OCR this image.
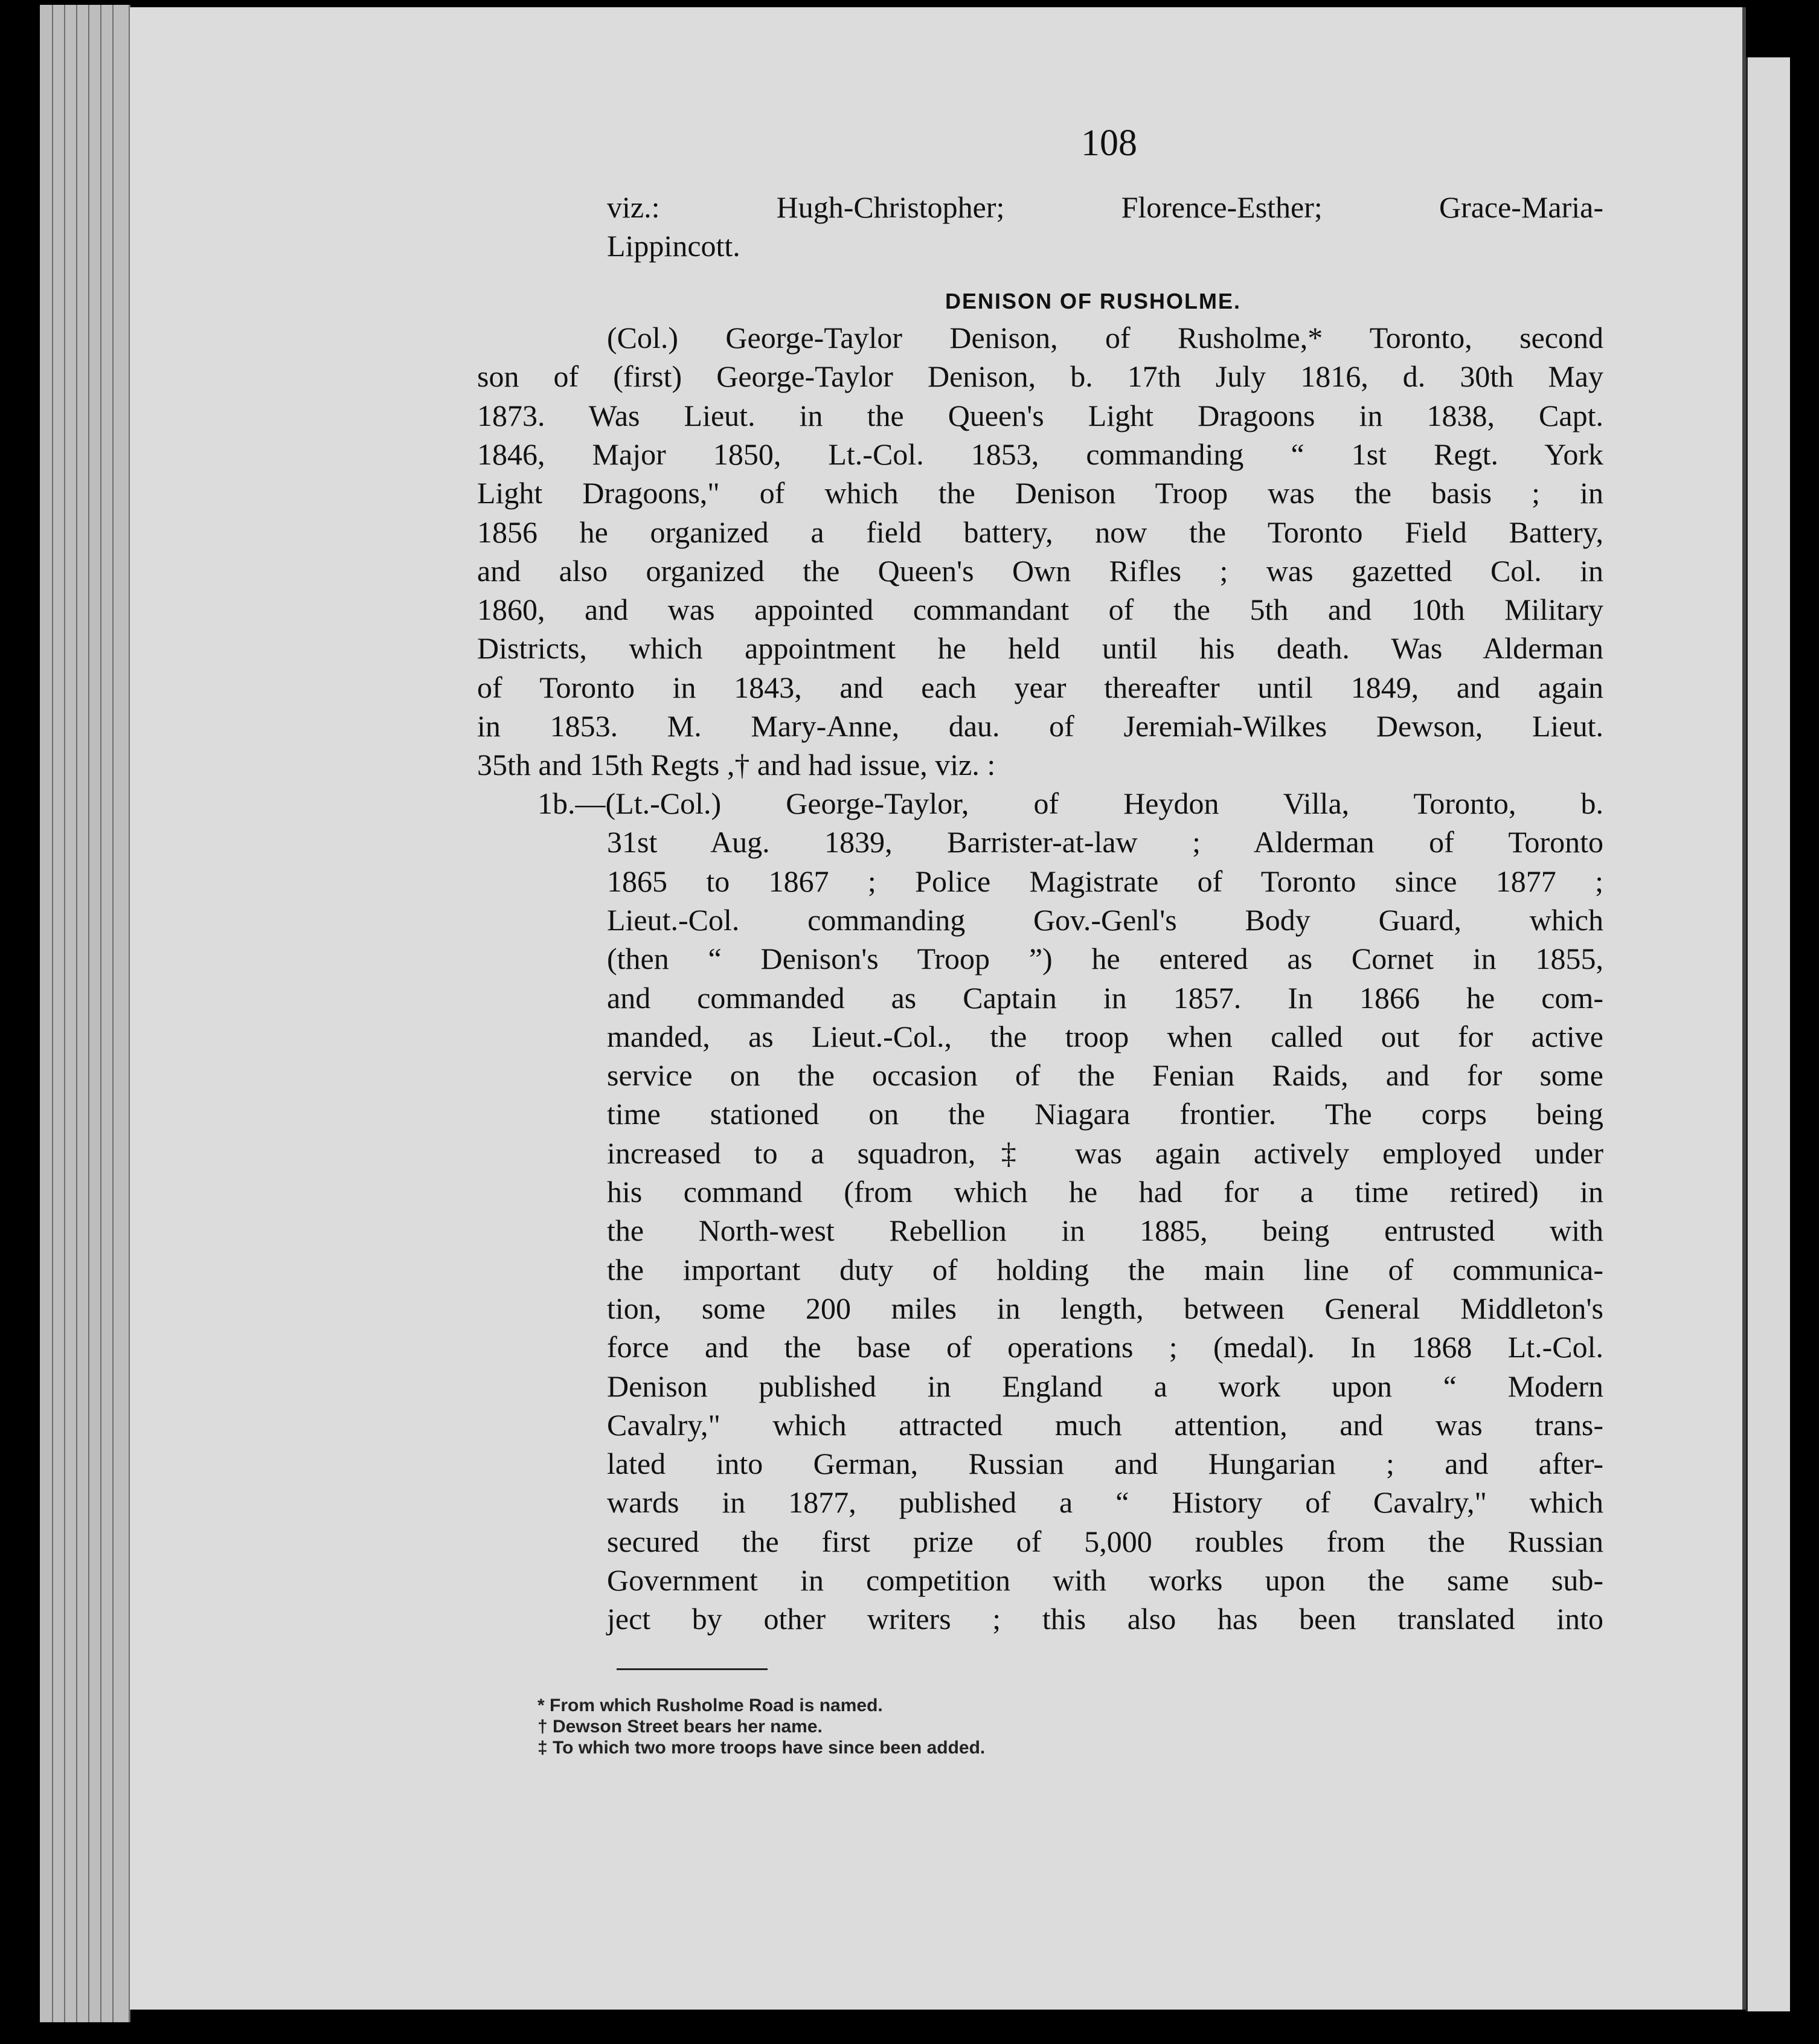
108
viz.: Hugh-Christopher; Florence-Esther; Grace-Maria-
Lippincott.
DENISON OF RUSHOLME.
(Col.) George-Taylor Denison, of Rusholme,* Toronto, second
son of (first) George-Taylor Denison, b. 17th July 1816, d. 30th May
1873. Was Lieut. in the Queen's Light Dragoons in 1838, Capt.
1846, Major 1850, Lt.-Col. 1853, commanding “ 1st Regt. York
Light Dragoons," of which the Denison Troop was the basis ; in
1856 he organized a field battery, now the Toronto Field Battery,
and also organized the Queen's Own Rifles ; was gazetted Col. in
1860, and was appointed commandant of the 5th and 10th Military
Districts, which appointment he held until his death. Was Alderman
of Toronto in 1843, and each year thereafter until 1849, and again
in 1853. M. Mary-Anne, dau. of Jeremiah-Wilkes Dewson, Lieut.
35th and 15th Regts ,† and had issue, viz. :
1b.—(Lt.-Col.) George-Taylor, of Heydon Villa, Toronto, b.
31st Aug. 1839, Barrister-at-law ; Alderman of Toronto
1865 to 1867 ; Police Magistrate of Toronto since 1877 ;
Lieut.-Col. commanding Gov.-Genl's Body Guard, which
(then “ Denison's Troop ”) he entered as Cornet in 1855,
and commanded as Captain in 1857. In 1866 he com-
manded, as Lieut.-Col., the troop when called out for active
service on the occasion of the Fenian Raids, and for some
time stationed on the Niagara frontier. The corps being
increased to a squadron,‡ was again actively employed under
his command (from which he had for a time retired) in
the North-west Rebellion in 1885, being entrusted with
the important duty of holding the main line of communica-
tion, some 200 miles in length, between General Middleton's
force and the base of operations ; (medal). In 1868 Lt.-Col.
Denison published in England a work upon “ Modern
Cavalry," which attracted much attention, and was trans-
lated into German, Russian and Hungarian ; and after-
wards in 1877, published a “ History of Cavalry," which
secured the first prize of 5,000 roubles from the Russian
Government in competition with works upon the same sub-
ject by other writers ; this also has been translated into
* From which Rusholme Road is named.
† Dewson Street bears her name.
‡ To which two more troops have since been added.
